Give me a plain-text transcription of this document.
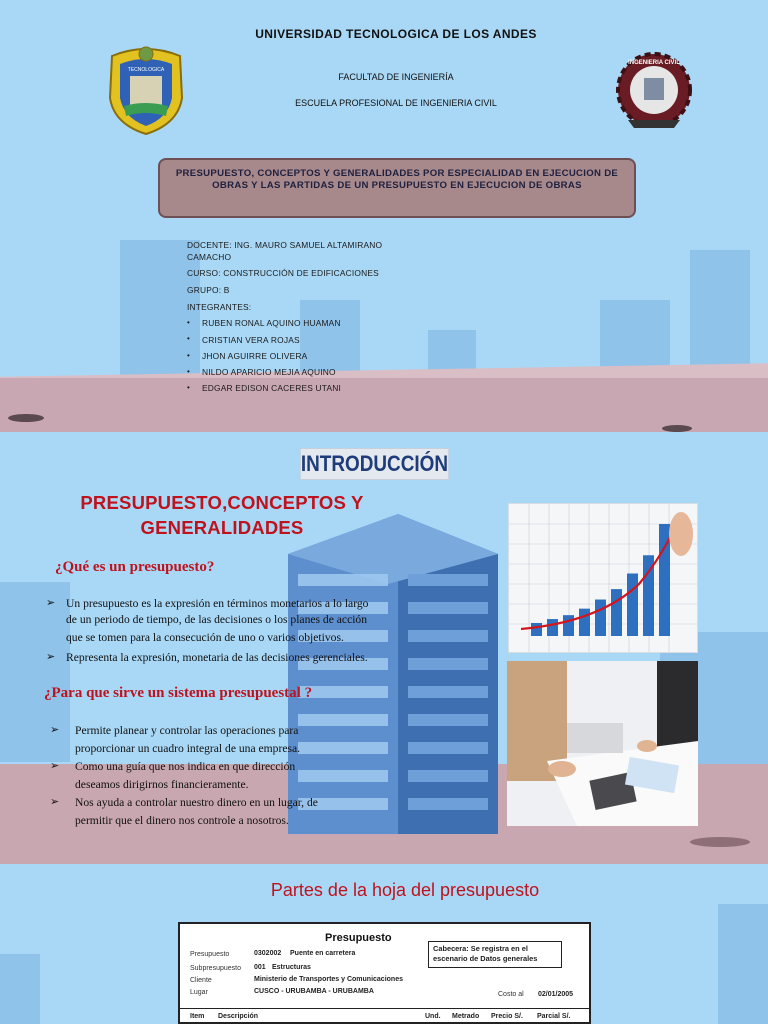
UNIVERSIDAD TECNOLOGICA DE LOS ANDES
TECNOLOGICA
FACULTAD DE INGENIERÍA
ESCUELA PROFESIONAL DE INGENIERIA CIVIL
INGENIERIA CIVIL
PRESUPUESTO, CONCEPTOS Y GENERALIDADES POR ESPECIALIDAD EN EJECUCION DE OBRAS Y LAS PARTIDAS DE UN PRESUPUESTO EN EJECUCION DE OBRAS
DOCENTE: ING. MAURO SAMUEL ALTAMIRANO
CAMACHO
CURSO: CONSTRUCCIÓN DE EDIFICACIONES
GRUPO: B
INTEGRANTES:
• RUBEN RONAL AQUINO HUAMAN
• CRISTIAN VERA ROJAS
• JHON AGUIRRE OLIVERA
• NILDO APARICIO MEJIA AQUINO
• EDGAR EDISON CACERES UTANI
INTRODUCCIÓN
PRESUPUESTO,CONCEPTOS Y
GENERALIDADES
¿Qué es un presupuesto?
➢ Un presupuesto es la expresión en términos monetarios a lo largo
de un periodo de tiempo, de las decisiones o los planes de acción
que se tomen para la consecución de uno o varios objetivos.
➢ Representa la expresión, monetaria de las decisiones gerenciales.
¿Para que sirve un sistema presupuestal ?
➢ Permite planear y controlar las operaciones para
proporcionar un cuadro integral de una empresa.
➢ Como una guía que nos indica en que dirección
deseamos dirigirnos financieramente.
➢ Nos ayuda a controlar nuestro dinero en un lugar, de
permitir que el dinero nos controle a nosotros.
Partes de la hoja del presupuesto
Presupuesto
Presupuesto	0302002 Puente en carretera
Subpresupuesto 001 Estructuras
Cliente	Ministerio de Transportes y Comunicaciones
Lugar	CUSCO - URUBAMBA - URUBAMBA	Costo al 02/01/2005
Cabecera: Se registra en el escenario de Datos generales
Item Descripción	Und. Metrado Precio S/. Parcial S/.
